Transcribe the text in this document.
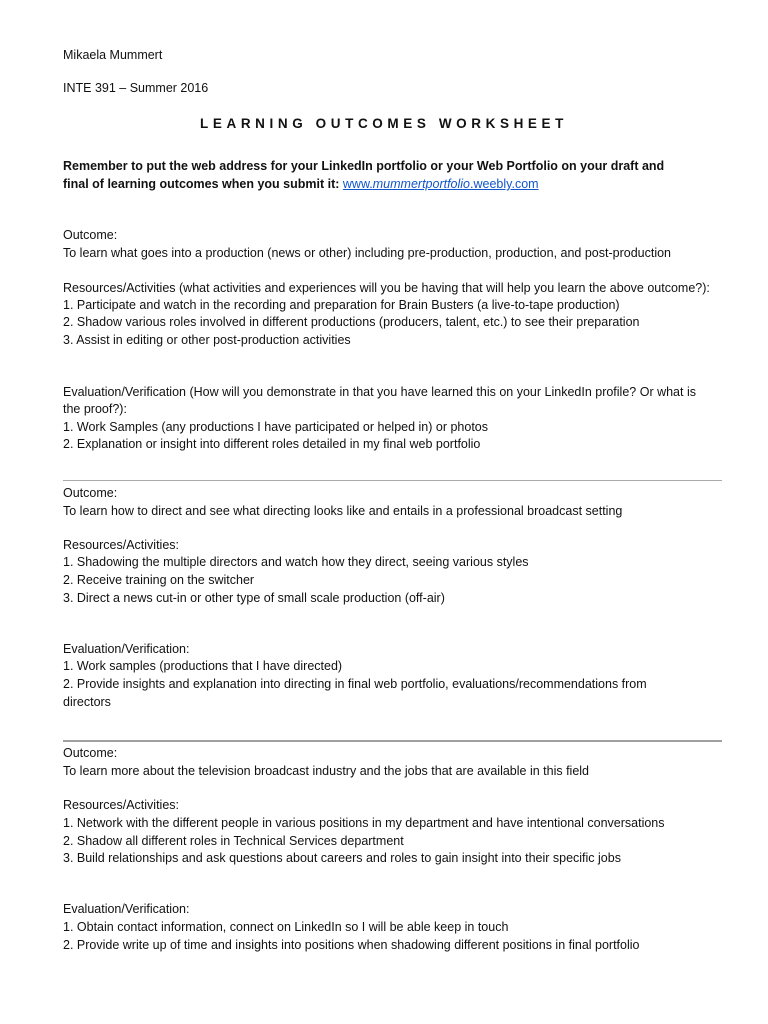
Mikaela Mummert
INTE 391 – Summer 2016
LEARNING OUTCOMES WORKSHEET
Remember to put the web address for your LinkedIn portfolio or your Web Portfolio on your draft and
final of learning outcomes when you submit it: www.mummertportfolio.weebly.com
Outcome:
To learn what goes into a production (news or other) including pre-production, production, and post-production
Resources/Activities (what activities and experiences will you be having that will help you learn the above outcome?):
1. Participate and watch in the recording and preparation for Brain Busters (a live-to-tape production)
2. Shadow various roles involved in different productions (producers, talent, etc.) to see their preparation
3. Assist in editing or other post-production activities
Evaluation/Verification (How will you demonstrate in that you have learned this on your LinkedIn profile? Or what is
the proof?):
1. Work Samples (any productions I have participated or helped in) or photos
2. Explanation or insight into different roles detailed in my final web portfolio
Outcome:
To learn how to direct and see what directing looks like and entails in a professional broadcast setting
Resources/Activities:
1. Shadowing the multiple directors and watch how they direct, seeing various styles
2. Receive training on the switcher
3. Direct a news cut-in or other type of small scale production (off-air)
Evaluation/Verification:
1. Work samples (productions that I have directed)
2. Provide insights and explanation into directing in final web portfolio, evaluations/recommendations from
directors
Outcome:
To learn more about the television broadcast industry and the jobs that are available in this field
Resources/Activities:
1. Network with the different people in various positions in my department and have intentional conversations
2. Shadow all different roles in Technical Services department
3. Build relationships and ask questions about careers and roles to gain insight into their specific jobs
Evaluation/Verification:
1. Obtain contact information, connect on LinkedIn so I will be able keep in touch
2. Provide write up of time and insights into positions when shadowing different positions in final portfolio
